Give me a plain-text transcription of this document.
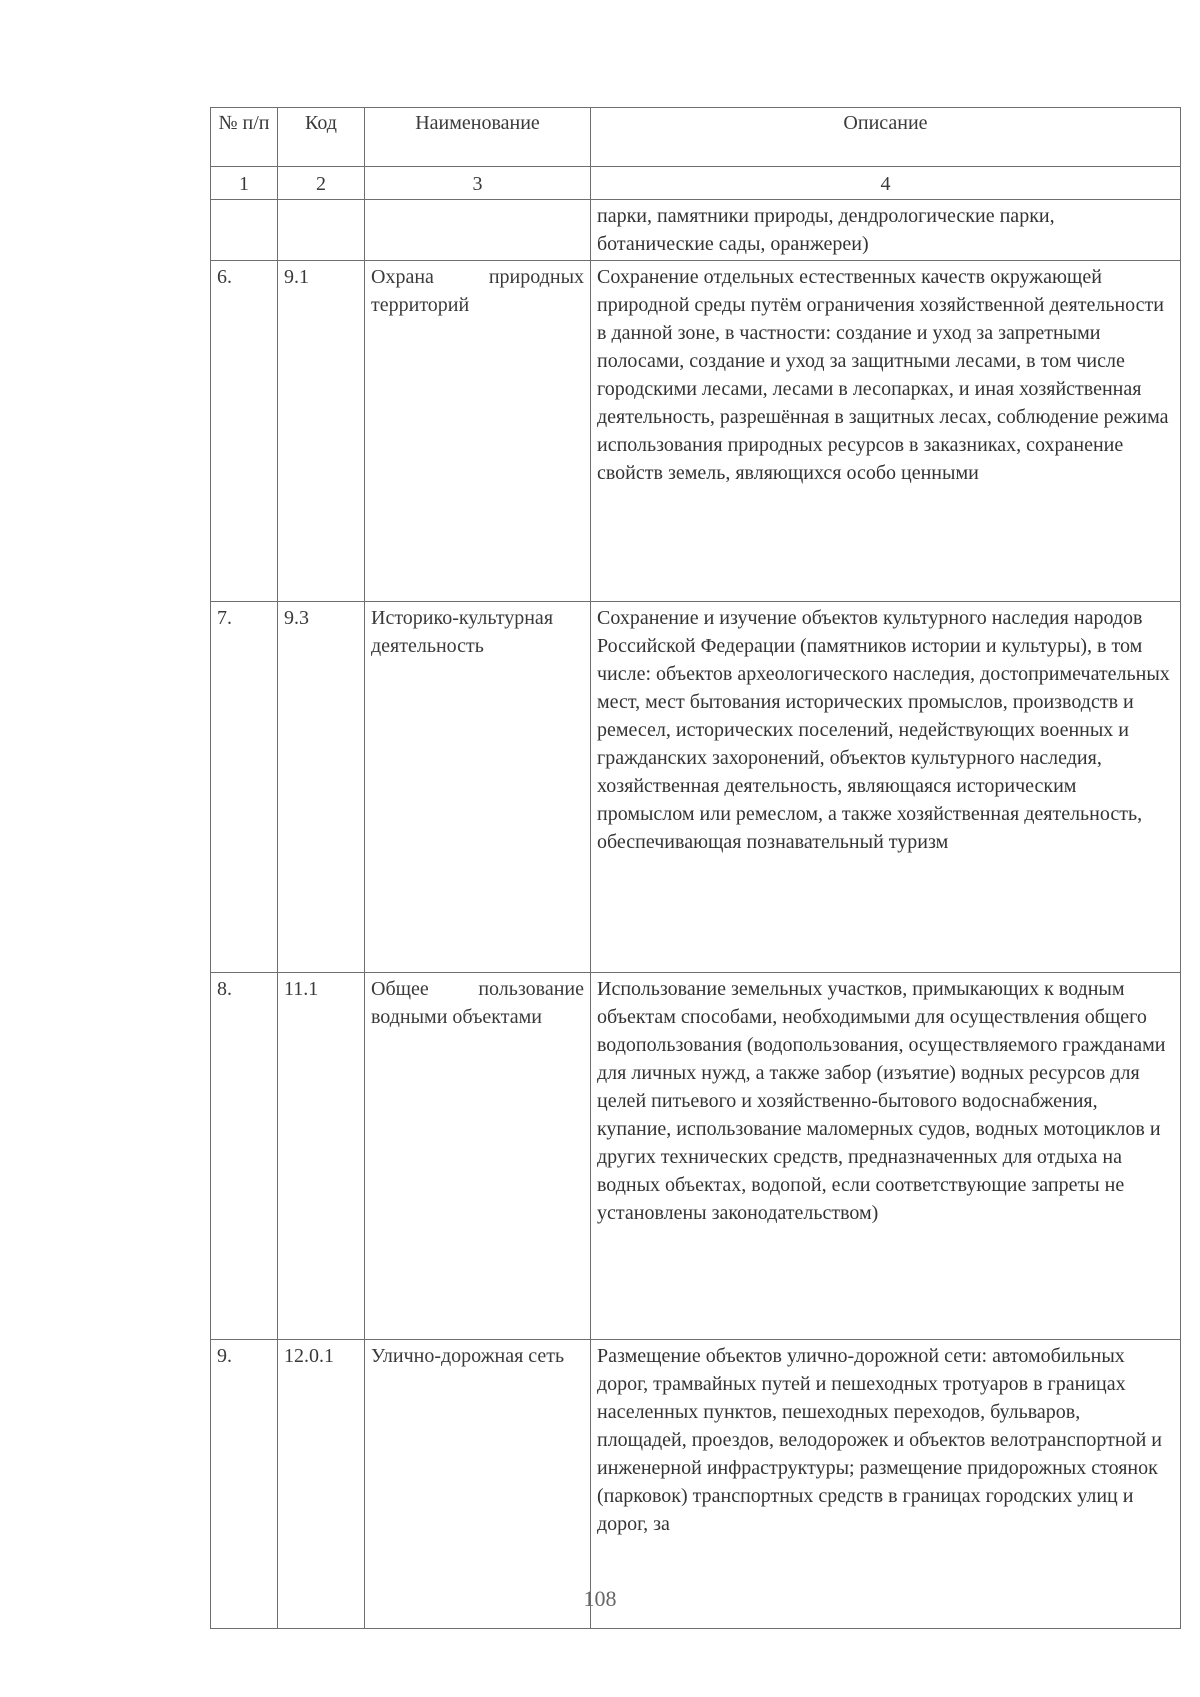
№ п/п	Код	Наименование	Описание
1	2	3	4
			парки, памятники природы, дендрологические парки, ботанические сады, оранжереи)
6.	9.1	Охрана природных территорий	Сохранение отдельных естественных качеств окружающей природной среды путём ограничения хозяйственной деятельности в данной зоне, в частности: создание и уход за запретными полосами, создание и уход за защитными лесами, в том числе городскими лесами, лесами в лесопарках, и иная хозяйственная деятельность, разрешённая в защитных лесах, соблюдение режима использования природных ресурсов в заказниках, сохранение свойств земель, являющихся особо ценными
7.	9.3	Историко-культурная деятельность	Сохранение и изучение объектов культурного наследия народов Российской Федерации (памятников истории и культуры), в том числе: объектов археологического наследия, достопримечательных мест, мест бытования исторических промыслов, производств и ремесел, исторических поселений, недействующих военных и гражданских захоронений, объектов культурного наследия, хозяйственная деятельность, являющаяся историческим промыслом или ремеслом, а также хозяйственная деятельность, обеспечивающая познавательный туризм
8.	11.1	Общее пользование водными объектами	Использование земельных участков, примыкающих к водным объектам способами, необходимыми для осуществления общего водопользования (водопользования, осуществляемого гражданами для личных нужд, а также забор (изъятие) водных ресурсов для целей питьевого и хозяйственно-бытового водоснабжения, купание, использование маломерных судов, водных мотоциклов и других технических средств, предназначенных для отдыха на водных объектах, водопой, если соответствующие запреты не установлены законодательством)
9.	12.0.1	Улично-дорожная сеть	Размещение объектов улично-дорожной сети: автомобильных дорог, трамвайных путей и пешеходных тротуаров в границах населенных пунктов, пешеходных переходов, бульваров, площадей, проездов, велодорожек и объектов велотранспортной и инженерной инфраструктуры; размещение придорожных стоянок (парковок) транспортных средств в границах городских улиц и дорог, за
108
